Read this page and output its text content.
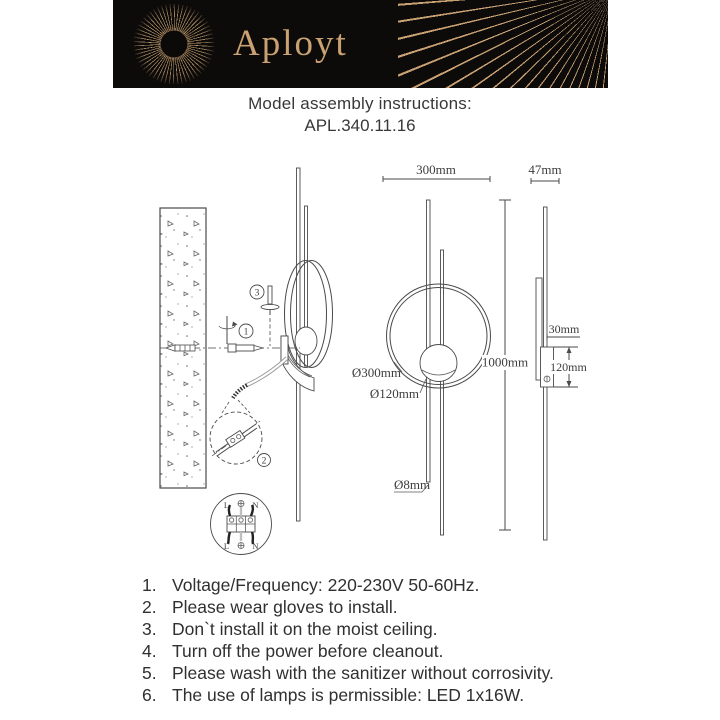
Aployt
Model assembly instructions:
APL.340.11.16
3
1
2
L	N
L	N
300mm
1000mm
Ø300mm
Ø120mm
Ø8mm
47mm
30mm
120mm
1. Voltage/Frequency: 220-230V 50-60Hz.
2. Please wear gloves to install.
3. Don`t install it on the moist ceiling.
4. Turn off the power before cleanout.
5. Please wash with the sanitizer without corrosivity.
6. The use of lamps is permissible: LED 1x16W.
